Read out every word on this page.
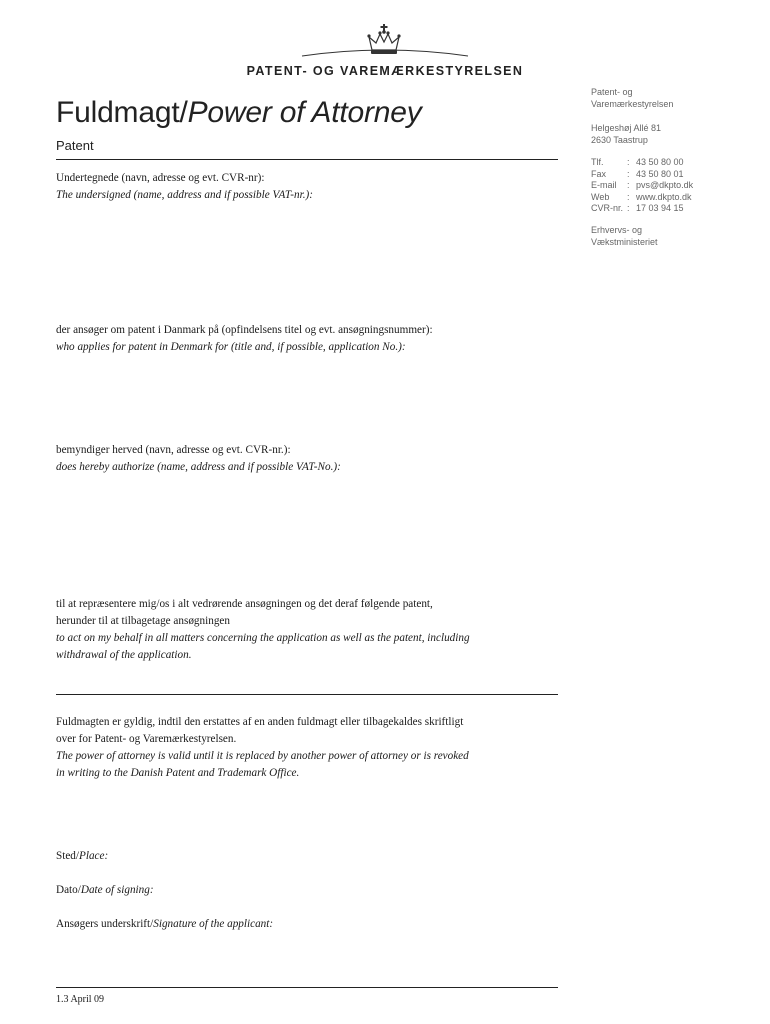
PATENT- OG VAREMÆRKESTYRELSEN
Fuldmagt/Power of Attorney
Patent
Patent- og
Varemærkestyrelsen
Helgeshøj Allé 81
2630 Taastrup
Tlf.	: 43 50 80 00
Fax	: 43 50 80 01
E-mail	: pvs@dkpto.dk
Web	: www.dkpto.dk
CVR-nr. : 17 03 94 15
Erhvervs- og
Vækstministeriet
Undertegnede (navn, adresse og evt. CVR-nr):
The undersigned (name, address and if possible VAT-nr.):
der ansøger om patent i Danmark på (opfindelsens titel og evt. ansøgningsnummer):
who applies for patent in Denmark for (title and, if possible, application No.):
bemyndiger herved (navn, adresse og evt. CVR-nr.):
does hereby authorize (name, address and if possible VAT-No.):
til at repræsentere mig/os i alt vedrørende ansøgningen og det deraf følgende patent,
herunder til at tilbagetage ansøgningen
to act on my behalf in all matters concerning the application as well as the patent, including
withdrawal of the application.
Fuldmagten er gyldig, indtil den erstattes af en anden fuldmagt eller tilbagekaldes skriftligt
over for Patent- og Varemærkestyrelsen.
The power of attorney is valid until it is replaced by another power of attorney or is revoked
in writing to the Danish Patent and Trademark Office.
Sted/Place:
Dato/Date of signing:
Ansøgers underskrift/Signature of the applicant:
1.3 April 09
